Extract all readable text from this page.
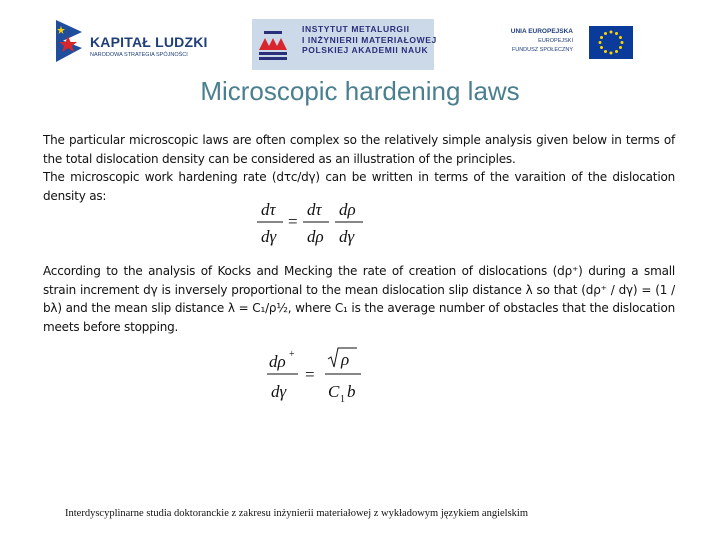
KAPITAŁ LUDZKI
NARODOWA STRATEGIA SPÓJNOŚCI
INSTYTUT METALURGII
I INŻYNIERII MATERIAŁOWEJ
POLSKIEJ AKADEMII NAUK
UNIA EUROPEJSKA
EUROPEJSKI
FUNDUSZ SPOŁECZNY
Microscopic hardening laws
The particular microscopic laws are often complex so the relatively simple analysis given below in terms of the total dislocation density can be considered as an illustration of the principles.
The microscopic work hardening rate (dτc/dγ) can be written in terms of the varaition of the dislocation density as:
dτ
dγ
=
dτ
dρ
dρ
dγ
According to the analysis of Kocks and Mecking the rate of creation of dislocations (dρ⁺) during a small strain increment dγ is inversely proportional to the mean dislocation slip distance λ so that (dρ⁺ / dγ) = (1 / bλ) and the mean slip distance λ = C₁/ρ½, where C₁ is the average number of obstacles that the dislocation meets before stopping.
dρ +
dγ
=
ρ
C 1 b
Interdyscyplinarne studia doktoranckie z zakresu inżynierii materiałowej z wykładowym językiem angielskim
